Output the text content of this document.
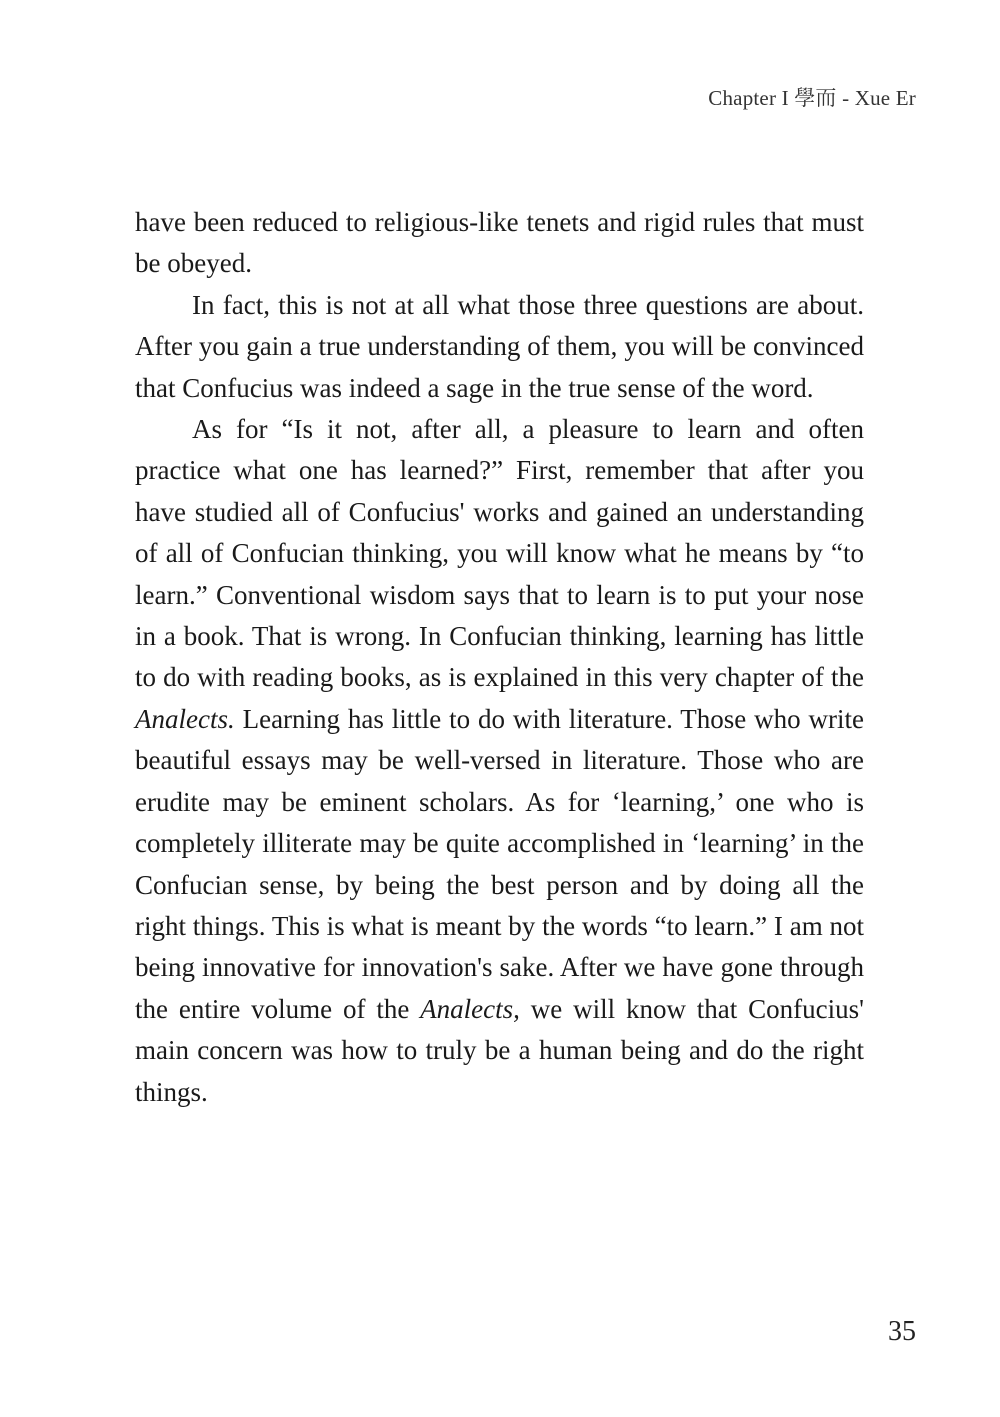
Chapter I 學而 - Xue Er

have been reduced to religious-like tenets and rigid rules that must be obeyed.

In fact, this is not at all what those three questions are about. After you gain a true understanding of them, you will be convinced that Confucius was indeed a sage in the true sense of the word.

As for “Is it not, after all, a pleasure to learn and often practice what one has learned?” First, remember that after you have studied all of Confucius' works and gained an understanding of all of Confucian thinking, you will know what he means by “to learn.” Conventional wisdom says that to learn is to put your nose in a book. That is wrong. In Confucian thinking, learning has little to do with reading books, as is explained in this very chapter of the Analects. Learning has little to do with literature. Those who write beautiful essays may be well-versed in literature. Those who are erudite may be eminent scholars. As for ‘learning,’ one who is completely illiterate may be quite accomplished in ‘learning’ in the Confucian sense, by being the best person and by doing all the right things. This is what is meant by the words “to learn.” I am not being innovative for innovation's sake. After we have gone through the entire volume of the Analects, we will know that Confucius' main concern was how to truly be a human being and do the right things.

35
